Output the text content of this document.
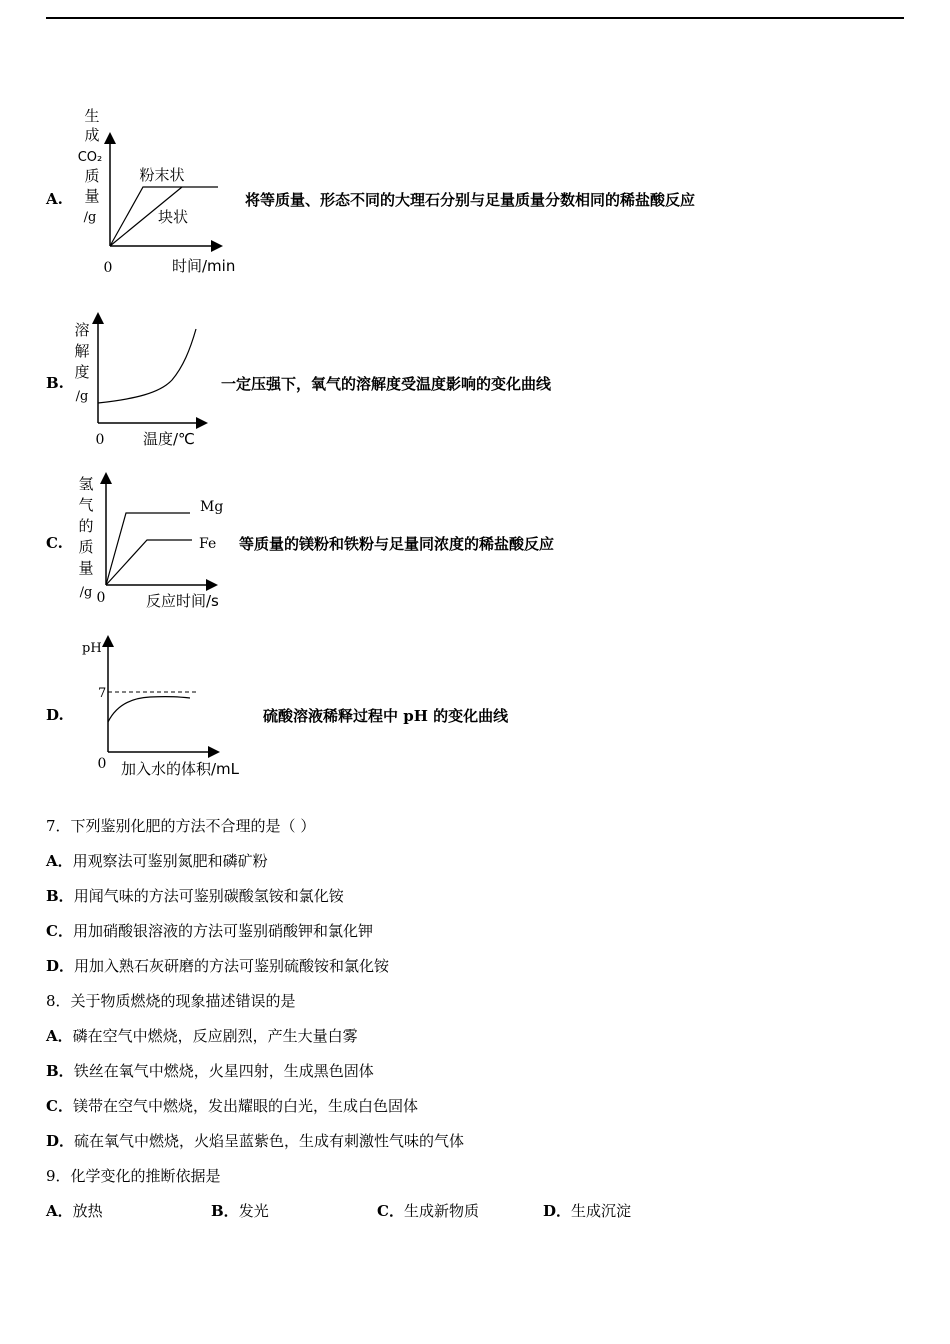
A.	将等质量、形态不同的大理石分别与足量质量分数相同的稀盐酸反应
B.	一定压强下，氧气的溶解度受温度影响的变化曲线
C.	等质量的镁粉和铁粉与足量同浓度的稀盐酸反应
D.	硫酸溶液稀释过程中 pH 的变化曲线
生
成
CO₂
质
量
/g
粉末状
块状
0	时间/min
溶
解
度
/g
0	温度/℃
氢
气
的
质
量
/g
Mg
Fe
0	反应时间/s
pH
7
0 加入水的体积/mL
7．下列鉴别化肥的方法不合理的是（ ）
A．用观察法可鉴别氮肥和磷矿粉
B．用闻气味的方法可鉴别碳酸氢铵和氯化铵
C．用加硝酸银溶液的方法可鉴别硝酸钾和氯化钾
D．用加入熟石灰研磨的方法可鉴别硫酸铵和氯化铵
8．关于物质燃烧的现象描述错误的是
A．磷在空气中燃烧，反应剧烈，产生大量白雾
B．铁丝在氧气中燃烧，火星四射，生成黑色固体
C．镁带在空气中燃烧，发出耀眼的白光，生成白色固体
D．硫在氧气中燃烧，火焰呈蓝紫色，生成有刺激性气味的气体
9．化学变化的推断依据是
A．放热	B．发光	C．生成新物质	D．生成沉淀
